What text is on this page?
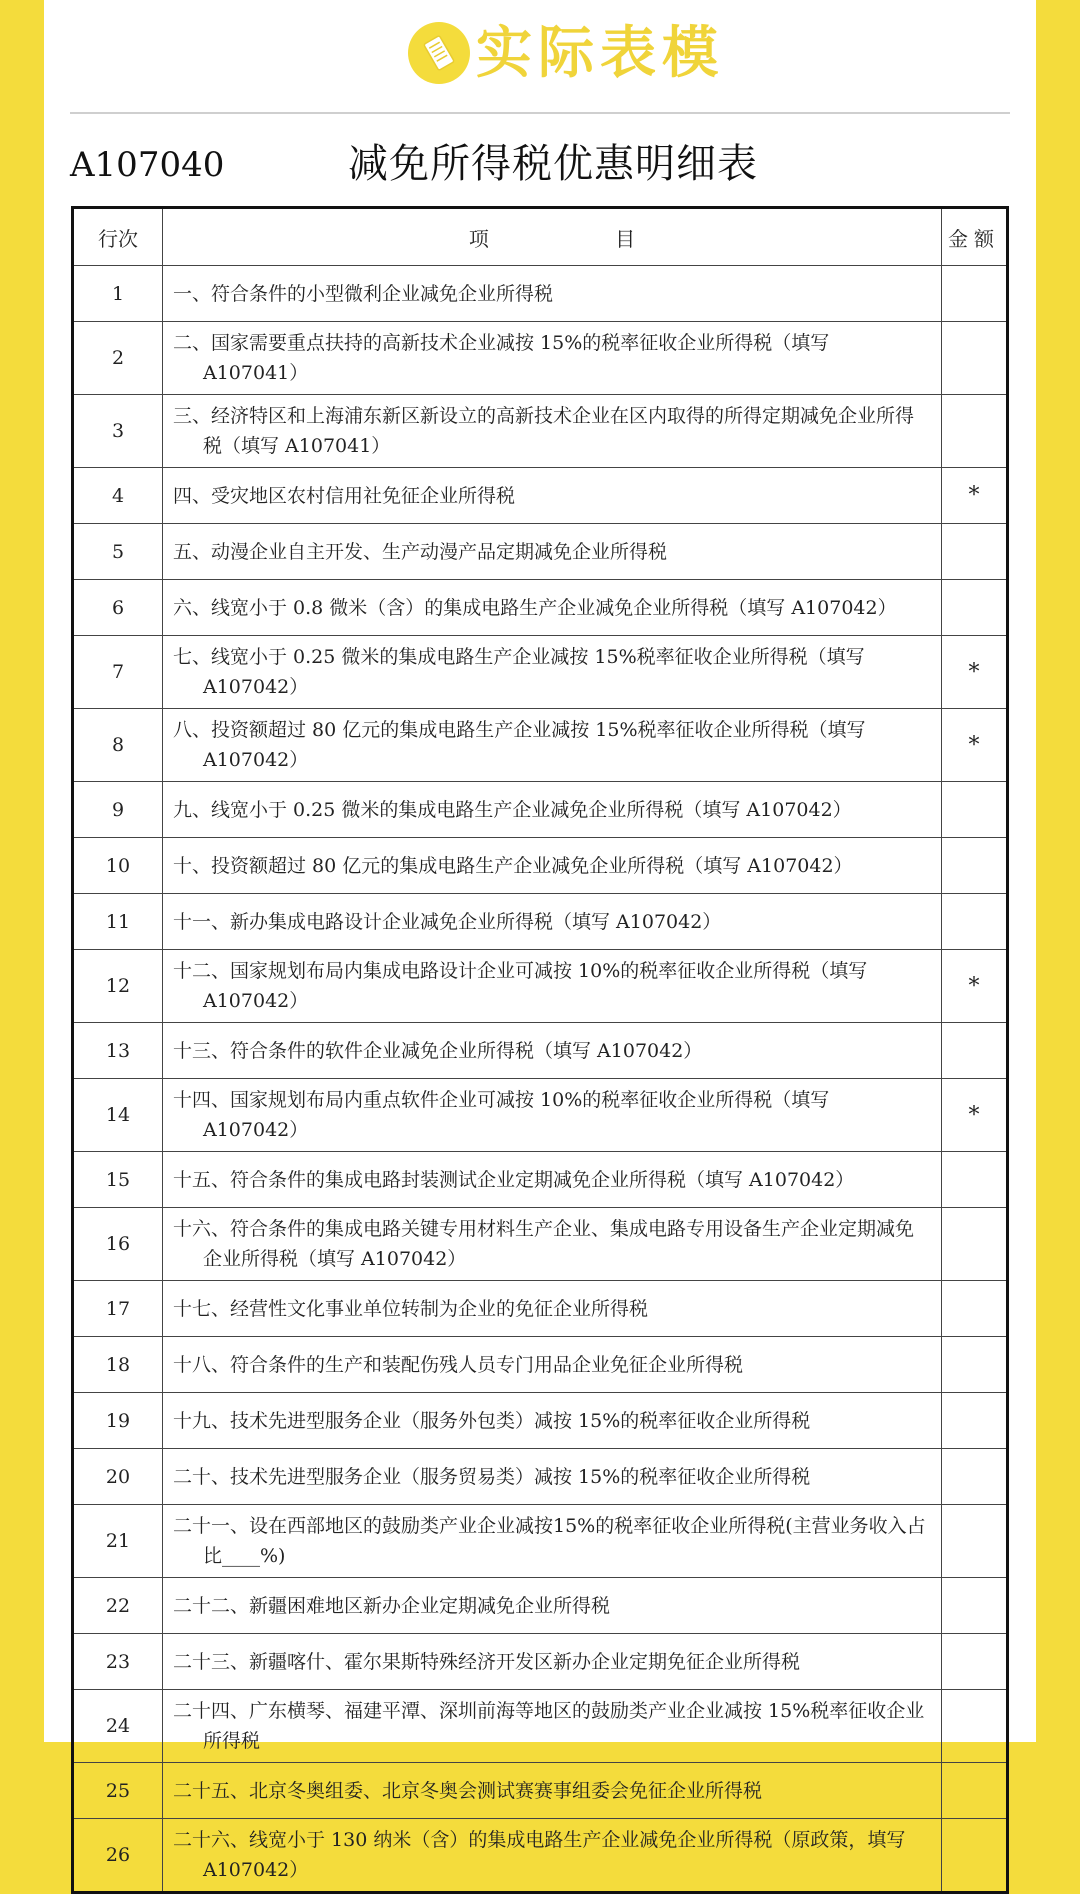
实际表模
A107040	减免所得税优惠明细表
行次	项 目	金额
1	一、符合条件的小型微利企业减免企业所得税	

2	二、国家需要重点扶持的高新技术企业减按 15%的税率征收企业所得税（填写 A107041）	

3	三、经济特区和上海浦东新区新设立的高新技术企业在区内取得的所得定期减免企业所得税（填写 A107041）	

4	四、受灾地区农村信用社免征企业所得税	*
5	五、动漫企业自主开发、生产动漫产品定期减免企业所得税	

6	六、线宽小于 0.8 微米（含）的集成电路生产企业减免企业所得税（填写 A107042）	

7	七、线宽小于 0.25 微米的集成电路生产企业减按 15%税率征收企业所得税（填写 A107042）	*
8	八、投资额超过 80 亿元的集成电路生产企业减按 15%税率征收企业所得税（填写 A107042）	*
9	九、线宽小于 0.25 微米的集成电路生产企业减免企业所得税（填写 A107042）	

10	十、投资额超过 80 亿元的集成电路生产企业减免企业所得税（填写 A107042）	

11	十一、新办集成电路设计企业减免企业所得税（填写 A107042）	

12	十二、国家规划布局内集成电路设计企业可减按 10%的税率征收企业所得税（填写 A107042）	*
13	十三、符合条件的软件企业减免企业所得税（填写 A107042）	

14	十四、国家规划布局内重点软件企业可减按 10%的税率征收企业所得税（填写 A107042）	*
15	十五、符合条件的集成电路封装测试企业定期减免企业所得税（填写 A107042）	

16	十六、符合条件的集成电路关键专用材料生产企业、集成电路专用设备生产企业定期减免企业所得税（填写 A107042）	

17	十七、经营性文化事业单位转制为企业的免征企业所得税	

18	十八、符合条件的生产和装配伤残人员专门用品企业免征企业所得税	

19	十九、技术先进型服务企业（服务外包类）减按 15%的税率征收企业所得税	

20	二十、技术先进型服务企业（服务贸易类）减按 15%的税率征收企业所得税	

21	二十一、设在西部地区的鼓励类产业企业减按15%的税率征收企业所得税(主营业务收入占比____%)	

22	二十二、新疆困难地区新办企业定期减免企业所得税	

23	二十三、新疆喀什、霍尔果斯特殊经济开发区新办企业定期免征企业所得税	

24	二十四、广东横琴、福建平潭、深圳前海等地区的鼓励类产业企业减按 15%税率征收企业所得税	

25	二十五、北京冬奥组委、北京冬奥会测试赛赛事组委会免征企业所得税	

26	二十六、线宽小于 130 纳米（含）的集成电路生产企业减免企业所得税（原政策，填写 A107042）	
